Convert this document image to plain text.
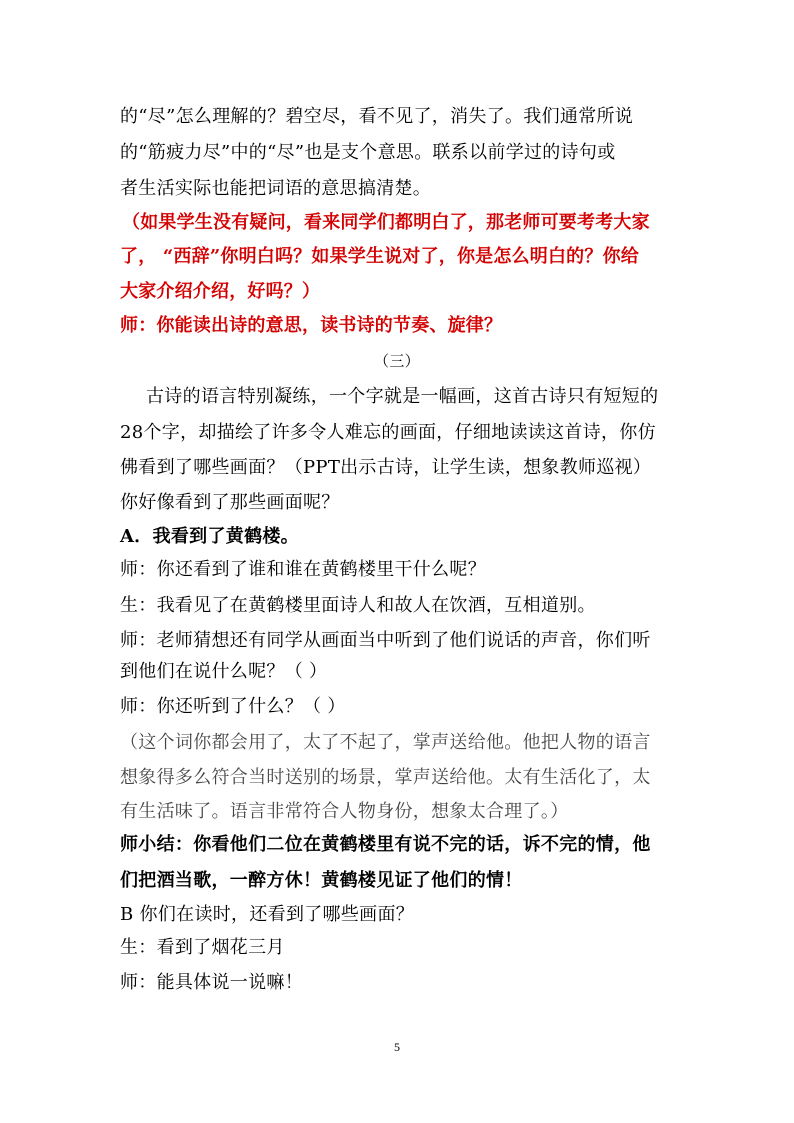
的“尽”怎么理解的？碧空尽，看不见了，消失了。我们通常所说
的“筋疲力尽”中的“尽”也是支个意思。联系以前学过的诗句或
者生活实际也能把词语的意思搞清楚。
（如果学生没有疑问，看来同学们都明白了，那老师可要考考大家
了， “西辞”你明白吗？如果学生说对了，你是怎么明白的？你给
大家介绍介绍，好吗？）
师：你能读出诗的意思，读书诗的节奏、旋律？
（三）
古诗的语言特别凝练，一个字就是一幅画，这首古诗只有短短的
28个字，却描绘了许多令人难忘的画面，仔细地读读这首诗，你仿
佛看到了哪些画面？（PPT出示古诗，让学生读，想象教师巡视）
你好像看到了那些画面呢？
A．我看到了黄鹤楼。
师：你还看到了谁和谁在黄鹤楼里干什么呢？
生：我看见了在黄鹤楼里面诗人和故人在饮酒，互相道别。
师：老师猜想还有同学从画面当中听到了他们说话的声音，你们听
到他们在说什么呢？（ ）
师：你还听到了什么？（ ）
（这个词你都会用了，太了不起了，掌声送给他。他把人物的语言
想象得多么符合当时送别的场景，掌声送给他。太有生活化了，太
有生活味了。语言非常符合人物身份，想象太合理了。）
师小结：你看他们二位在黄鹤楼里有说不完的话，诉不完的情，他
们把酒当歌，一醉方休！黄鹤楼见证了他们的情！
B 你们在读时，还看到了哪些画面？
生：看到了烟花三月
师：能具体说一说嘛！
5
